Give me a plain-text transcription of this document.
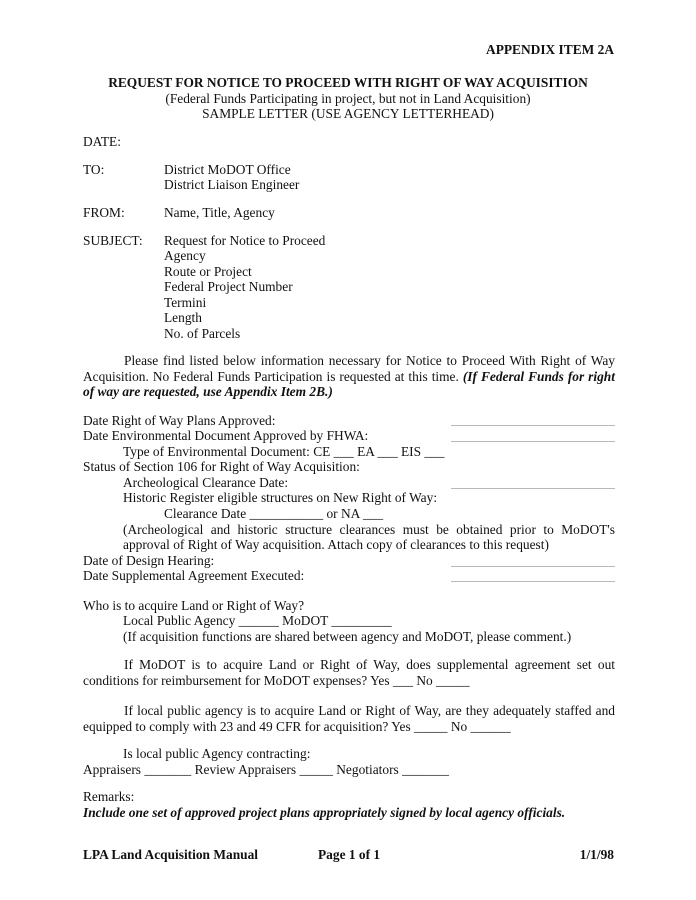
APPENDIX ITEM 2A
REQUEST FOR NOTICE TO PROCEED WITH RIGHT OF WAY ACQUISITION
(Federal Funds Participating in project, but not in Land Acquisition)
SAMPLE LETTER (USE AGENCY LETTERHEAD)
DATE:
TO:	District MoDOT Office
District Liaison Engineer
FROM:	Name, Title, Agency
SUBJECT: Request for Notice to Proceed
Agency
Route or Project
Federal Project Number
Termini
Length
No. of Parcels
Please find listed below information necessary for Notice to Proceed With Right of Way Acquisition. No Federal Funds Participation is requested at this time. (If Federal Funds for right of way are requested, use Appendix Item 2B.)
Date Right of Way Plans Approved:
Date Environmental Document Approved by FHWA:
Type of Environmental Document: CE ___ EA ___ EIS ___
Status of Section 106 for Right of Way Acquisition:
Archeological Clearance Date:
Historic Register eligible structures on New Right of Way:
Clearance Date ___________ or NA ___
(Archeological and historic structure clearances must be obtained prior to MoDOT's
approval of Right of Way acquisition. Attach copy of clearances to this request)
Date of Design Hearing:
Date Supplemental Agreement Executed:
Who is to acquire Land or Right of Way?
Local Public Agency ______ MoDOT _________
(If acquisition functions are shared between agency and MoDOT, please comment.)
If MoDOT is to acquire Land or Right of Way, does supplemental agreement set out conditions for reimbursement for MoDOT expenses? Yes ___ No _____
If local public agency is to acquire Land or Right of Way, are they adequately staffed and equipped to comply with 23 and 49 CFR for acquisition? Yes _____ No ______
Is local public Agency contracting:
Appraisers _______ Review Appraisers _____ Negotiators _______
Remarks:
Include one set of approved project plans appropriately signed by local agency officials.
LPA Land Acquisition Manual	Page 1 of 1	1/1/98
